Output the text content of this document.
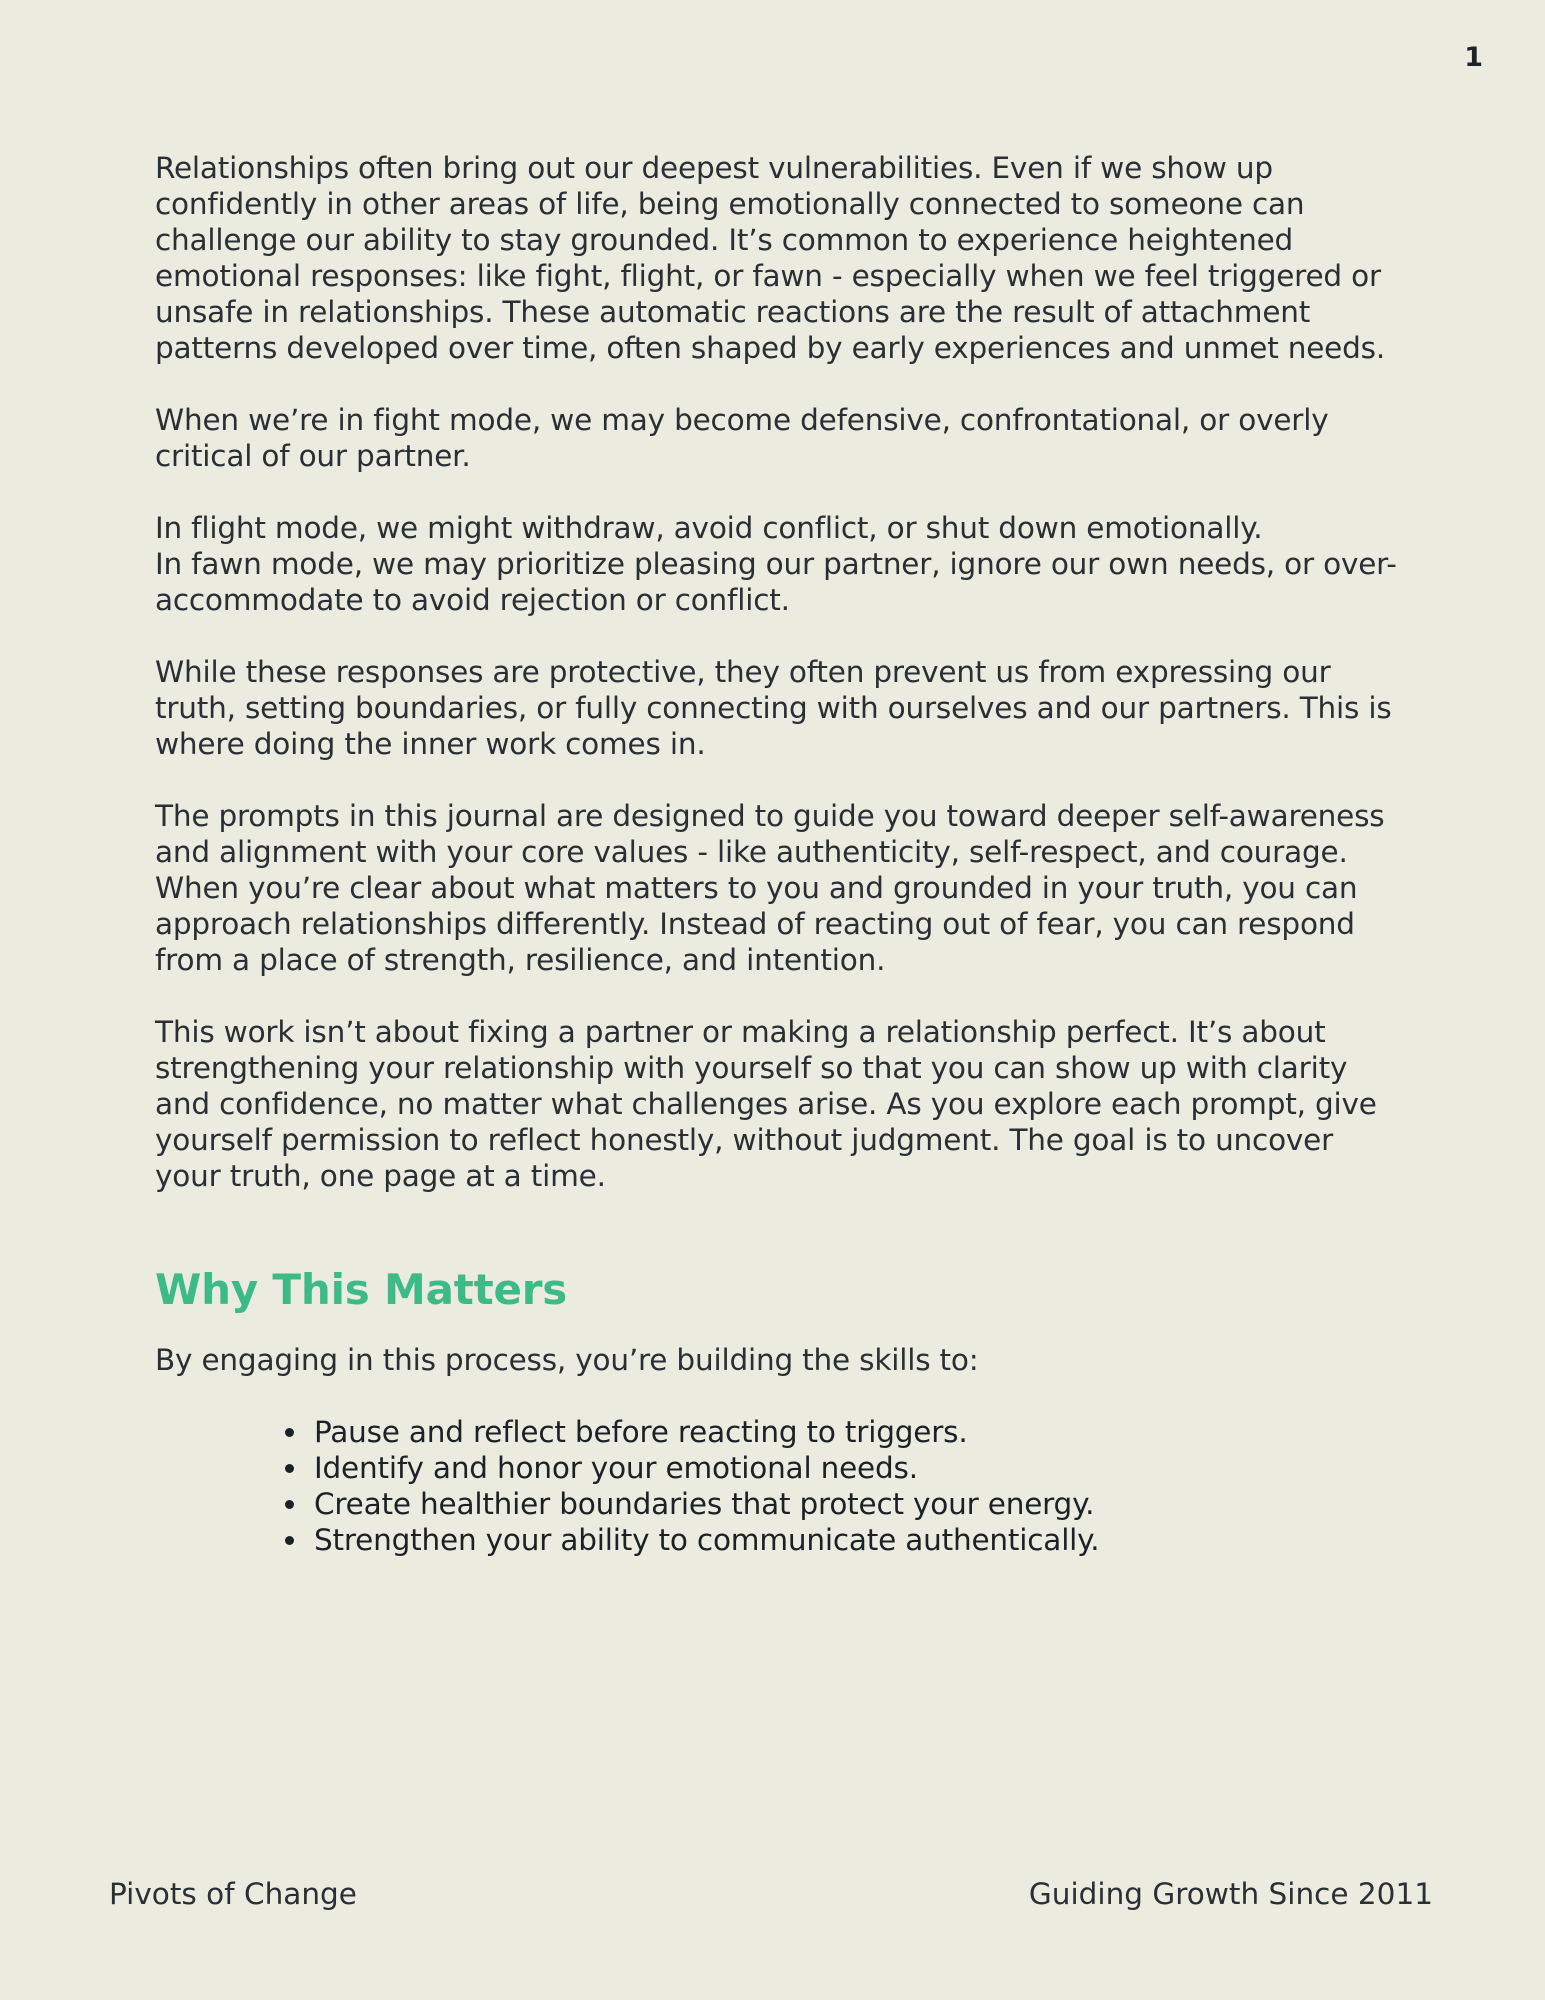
1

Relationships often bring out our deepest vulnerabilities. Even if we show up confidently in other areas of life, being emotionally connected to someone can challenge our ability to stay grounded. It’s common to experience heightened emotional responses: like fight, flight, or fawn - especially when we feel triggered or unsafe in relationships. These automatic reactions are the result of attachment patterns developed over time, often shaped by early experiences and unmet needs.

When we’re in fight mode, we may become defensive, confrontational, or overly critical of our partner.

In flight mode, we might withdraw, avoid conflict, or shut down emotionally.
In fawn mode, we may prioritize pleasing our partner, ignore our own needs, or over-accommodate to avoid rejection or conflict.

While these responses are protective, they often prevent us from expressing our truth, setting boundaries, or fully connecting with ourselves and our partners. This is where doing the inner work comes in.

The prompts in this journal are designed to guide you toward deeper self-awareness and alignment with your core values - like authenticity, self-respect, and courage. When you’re clear about what matters to you and grounded in your truth, you can approach relationships differently. Instead of reacting out of fear, you can respond from a place of strength, resilience, and intention.

This work isn’t about fixing a partner or making a relationship perfect. It’s about strengthening your relationship with yourself so that you can show up with clarity and confidence, no matter what challenges arise. As you explore each prompt, give yourself permission to reflect honestly, without judgment. The goal is to uncover your truth, one page at a time.

Why This Matters

By engaging in this process, you’re building the skills to:

• Pause and reflect before reacting to triggers.
• Identify and honor your emotional needs.
• Create healthier boundaries that protect your energy.
• Strengthen your ability to communicate authentically.
Pivots of Change	Guiding Growth Since 2011
